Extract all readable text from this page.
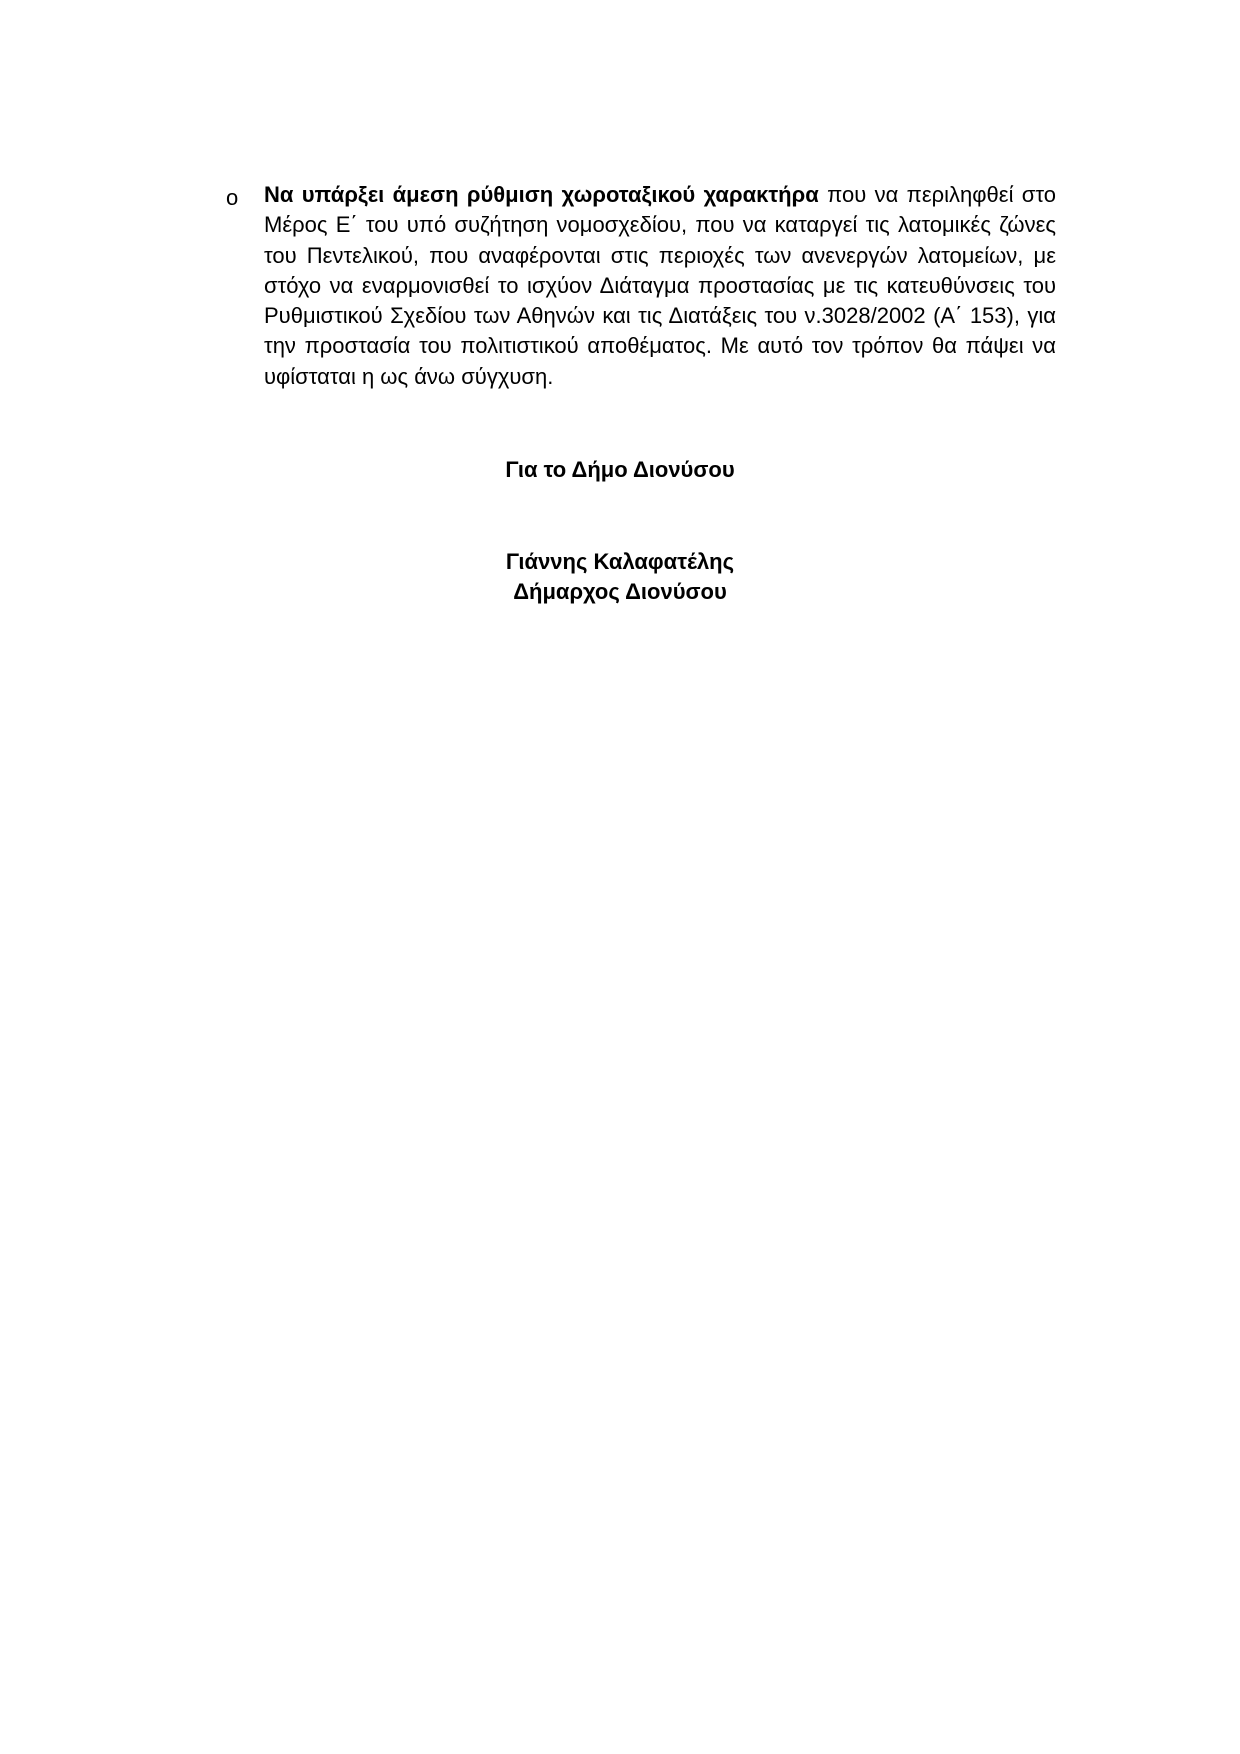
o Να υπάρξει άμεση ρύθμιση χωροταξικού χαρακτήρα που να περιληφθεί στο Μέρος Ε΄ του υπό συζήτηση νομοσχεδίου, που να καταργεί τις λατομικές ζώνες του Πεντελικού, που αναφέρονται στις περιοχές των ανενεργών λατομείων, με στόχο να εναρμονισθεί το ισχύον Διάταγμα προστασίας με τις κατευθύνσεις του Ρυθμιστικού Σχεδίου των Αθηνών και τις Διατάξεις του ν.3028/2002 (Α΄ 153), για την προστασία του πολιτιστικού αποθέματος. Με αυτό τον τρόπον θα πάψει να υφίσταται η ως άνω σύγχυση.
Για το Δήμο Διονύσου
Γιάννης Καλαφατέλης
Δήμαρχος Διονύσου
